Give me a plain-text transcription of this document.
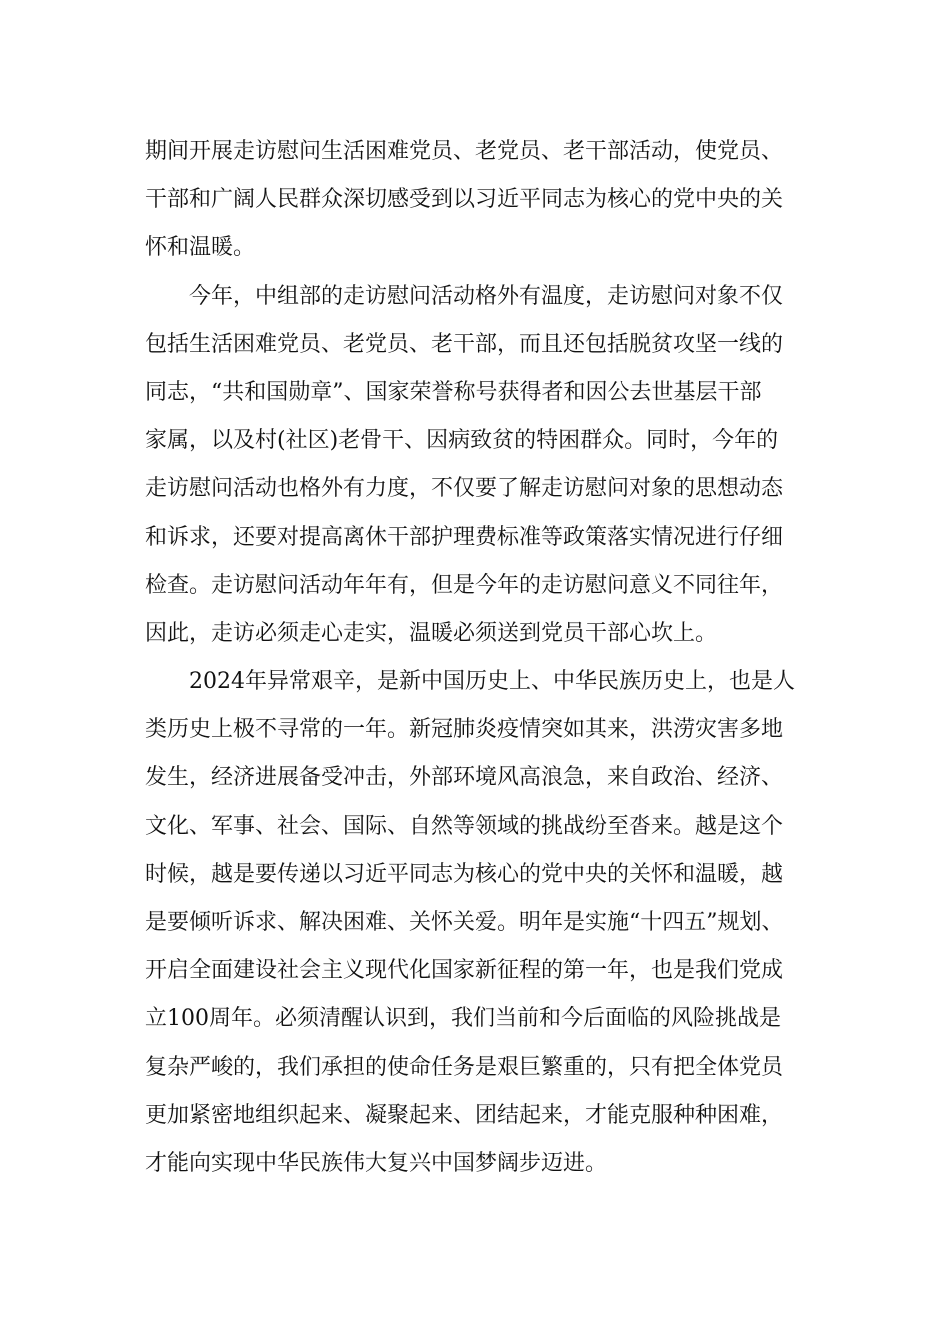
期间开展走访慰问生活困难党员、老党员、老干部活动，使党员、
干部和广阔人民群众深切感受到以习近平同志为核心的党中央的关
怀和温暖。
今年，中组部的走访慰问活动格外有温度，走访慰问对象不仅
包括生活困难党员、老党员、老干部，而且还包括脱贫攻坚一线的
同志，“共和国勋章”、国家荣誉称号获得者和因公去世基层干部
家属，以及村(社区)老骨干、因病致贫的特困群众。同时，今年的
走访慰问活动也格外有力度，不仅要了解走访慰问对象的思想动态
和诉求，还要对提高离休干部护理费标准等政策落实情况进行仔细
检查。走访慰问活动年年有，但是今年的走访慰问意义不同往年，
因此，走访必须走心走实，温暖必须送到党员干部心坎上。
2024年异常艰辛，是新中国历史上、中华民族历史上，也是人
类历史上极不寻常的一年。新冠肺炎疫情突如其来，洪涝灾害多地
发生，经济进展备受冲击，外部环境风高浪急，来自政治、经济、
文化、军事、社会、国际、自然等领域的挑战纷至沓来。越是这个
时候，越是要传递以习近平同志为核心的党中央的关怀和温暖，越
是要倾听诉求、解决困难、关怀关爱。明年是实施“十四五”规划、
开启全面建设社会主义现代化国家新征程的第一年，也是我们党成
立100周年。必须清醒认识到，我们当前和今后面临的风险挑战是
复杂严峻的，我们承担的使命任务是艰巨繁重的，只有把全体党员
更加紧密地组织起来、凝聚起来、团结起来，才能克服种种困难，
才能向实现中华民族伟大复兴中国梦阔步迈进。
